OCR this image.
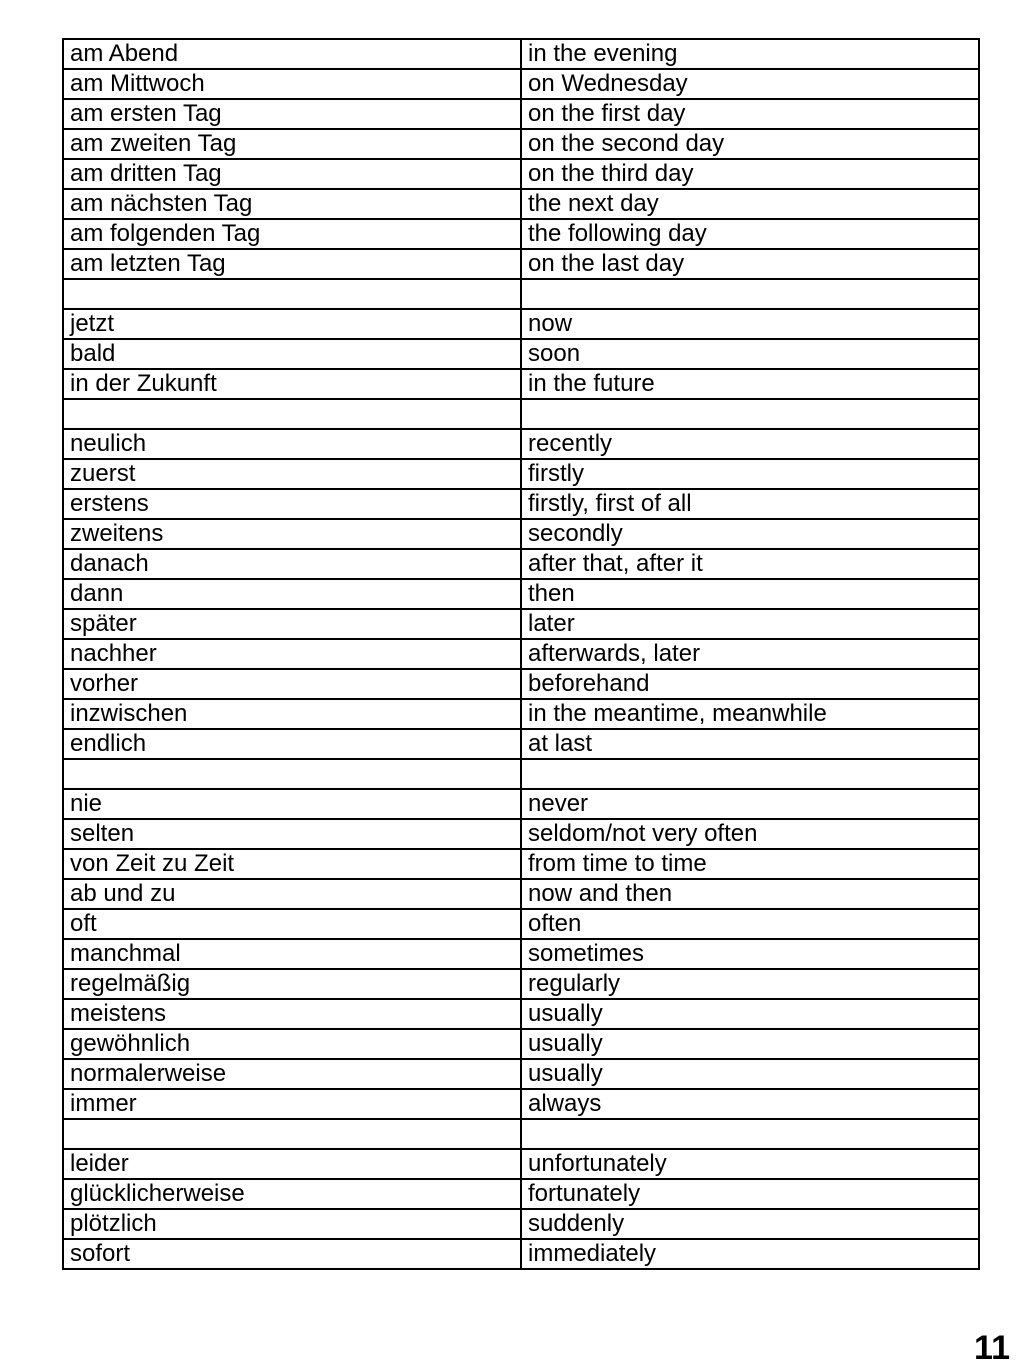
am Abend	in the evening
am Mittwoch	on Wednesday
am ersten Tag	on the first day
am zweiten Tag	on the second day
am dritten Tag	on the third day
am nächsten Tag	the next day
am folgenden Tag	the following day
am letzten Tag	on the last day

jetzt	now
bald	soon
in der Zukunft	in the future

neulich	recently
zuerst	firstly
erstens	firstly, first of all
zweitens	secondly
danach	after that, after it
dann	then
später	later
nachher	afterwards, later
vorher	beforehand
inzwischen	in the meantime, meanwhile
endlich	at last

nie	never
selten	seldom/not very often
von Zeit zu Zeit	from time to time
ab und zu	now and then
oft	often
manchmal	sometimes
regelmäßig	regularly
meistens	usually
gewöhnlich	usually
normalerweise	usually
immer	always

leider	unfortunately
glücklicherweise	fortunately
plötzlich	suddenly
sofort	immediately
11
